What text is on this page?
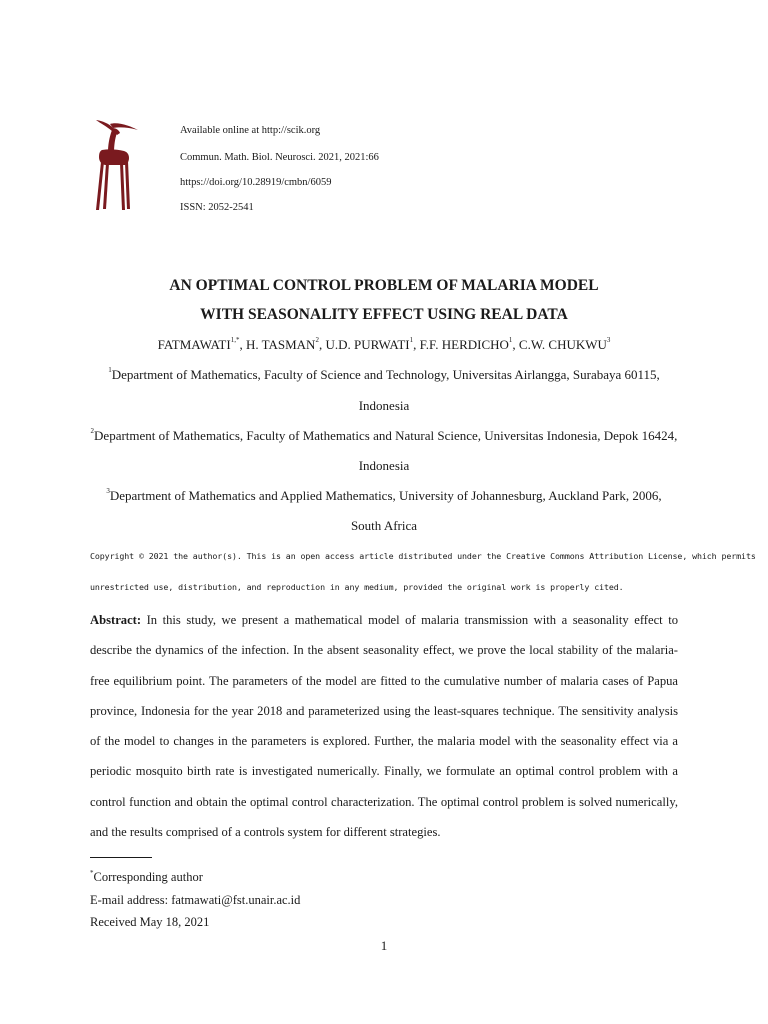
Available online at http://scik.org
Commun. Math. Biol. Neurosci. 2021, 2021:66
https://doi.org/10.28919/cmbn/6059
ISSN: 2052-2541
AN OPTIMAL CONTROL PROBLEM OF MALARIA MODEL
WITH SEASONALITY EFFECT USING REAL DATA
$FATMAWATI^{1,*}$, H. TASMAN$^2$, U.D. PURWATI$^1$, F.F. HERDICHO$^1$, C.W. CHUKWU$^3$
$^1$Department of Mathematics, Faculty of Science and Technology, Universitas Airlangga, Surabaya 60115,
Indonesia
$^2$Department of Mathematics, Faculty of Mathematics and Natural Science, Universitas Indonesia, Depok 16424,
Indonesia
$^3$Department of Mathematics and Applied Mathematics, University of Johannesburg, Auckland Park, 2006,
South Africa
Copyright © 2021 the author(s). This is an open access article distributed under the Creative Commons Attribution License, which permits
unrestricted use, distribution, and reproduction in any medium, provided the original work is properly cited.
Abstract: In this study, we present a mathematical model of malaria transmission with a seasonality effect to describe the dynamics of the infection. In the absent seasonality effect, we prove the local stability of the malaria-free equilibrium point. The parameters of the model are fitted to the cumulative number of malaria cases of Papua province, Indonesia for the year 2018 and parameterized using the least-squares technique. The sensitivity analysis of the model to changes in the parameters is explored. Further, the malaria model with the seasonality effect via a periodic mosquito birth rate is investigated numerically. Finally, we formulate an optimal control problem with a control function and obtain the optimal control characterization. The optimal control problem is solved numerically, and the results comprised of a controls system for different strategies.
*Corresponding author
E-mail address: fatmawati@fst.unair.ac.id
Received May 18, 2021
1
